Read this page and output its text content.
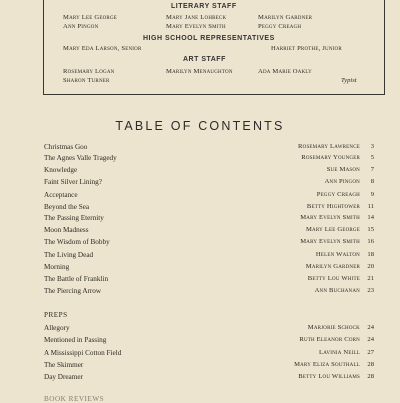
LITERARY STAFF
Mary Lee George	Mary Jane Lohbeck	Marilyn Gardner
Ann Pingon	Mary Evelyn Smith	Peggy Creagh
HIGH SCHOOL REPRESENTATIVES
Mary Eda Larson, Senior	Harriet Prothe, Junior
ART STAFF
Rosemary Logan	Marilyn Menaughton	Ada Marie Oakly
Sharon Turner	Typist
TABLE OF CONTENTS
Christmas Goo	Rosemary Lawrence	3
The Agnes Valle Tragedy	Rosemary Younger	5
Knowledge	Sue Mason	7
Faint Silver Lining?	Ann Pingon	8
Acceptance	Peggy Creagh	9
Beyond the Sea	Betty Hightower	11
The Passing Eternity	Mary Evelyn Smith	14
Moon Madness	Mary Lee George	15
The Wisdom of Bobby	Mary Evelyn Smith	16
The Living Dead	Helen Walton	18
Morning	Marilyn Gardner	20
The Battle of Franklin	Betty Lou White	21
The Piercing Arrow	Ann Buchanan	23
PREPS
Allegory	Marjorie Schock	24
Mentioned in Passing	Ruth Eleanor Corn	24
A Mississippi Cotton Field	Lavinia Neill	27
The Skimmer	Mary Eliza Southall	28
Day Dreamer	Betty Lou Williams	28
BOOK REVIEWS
